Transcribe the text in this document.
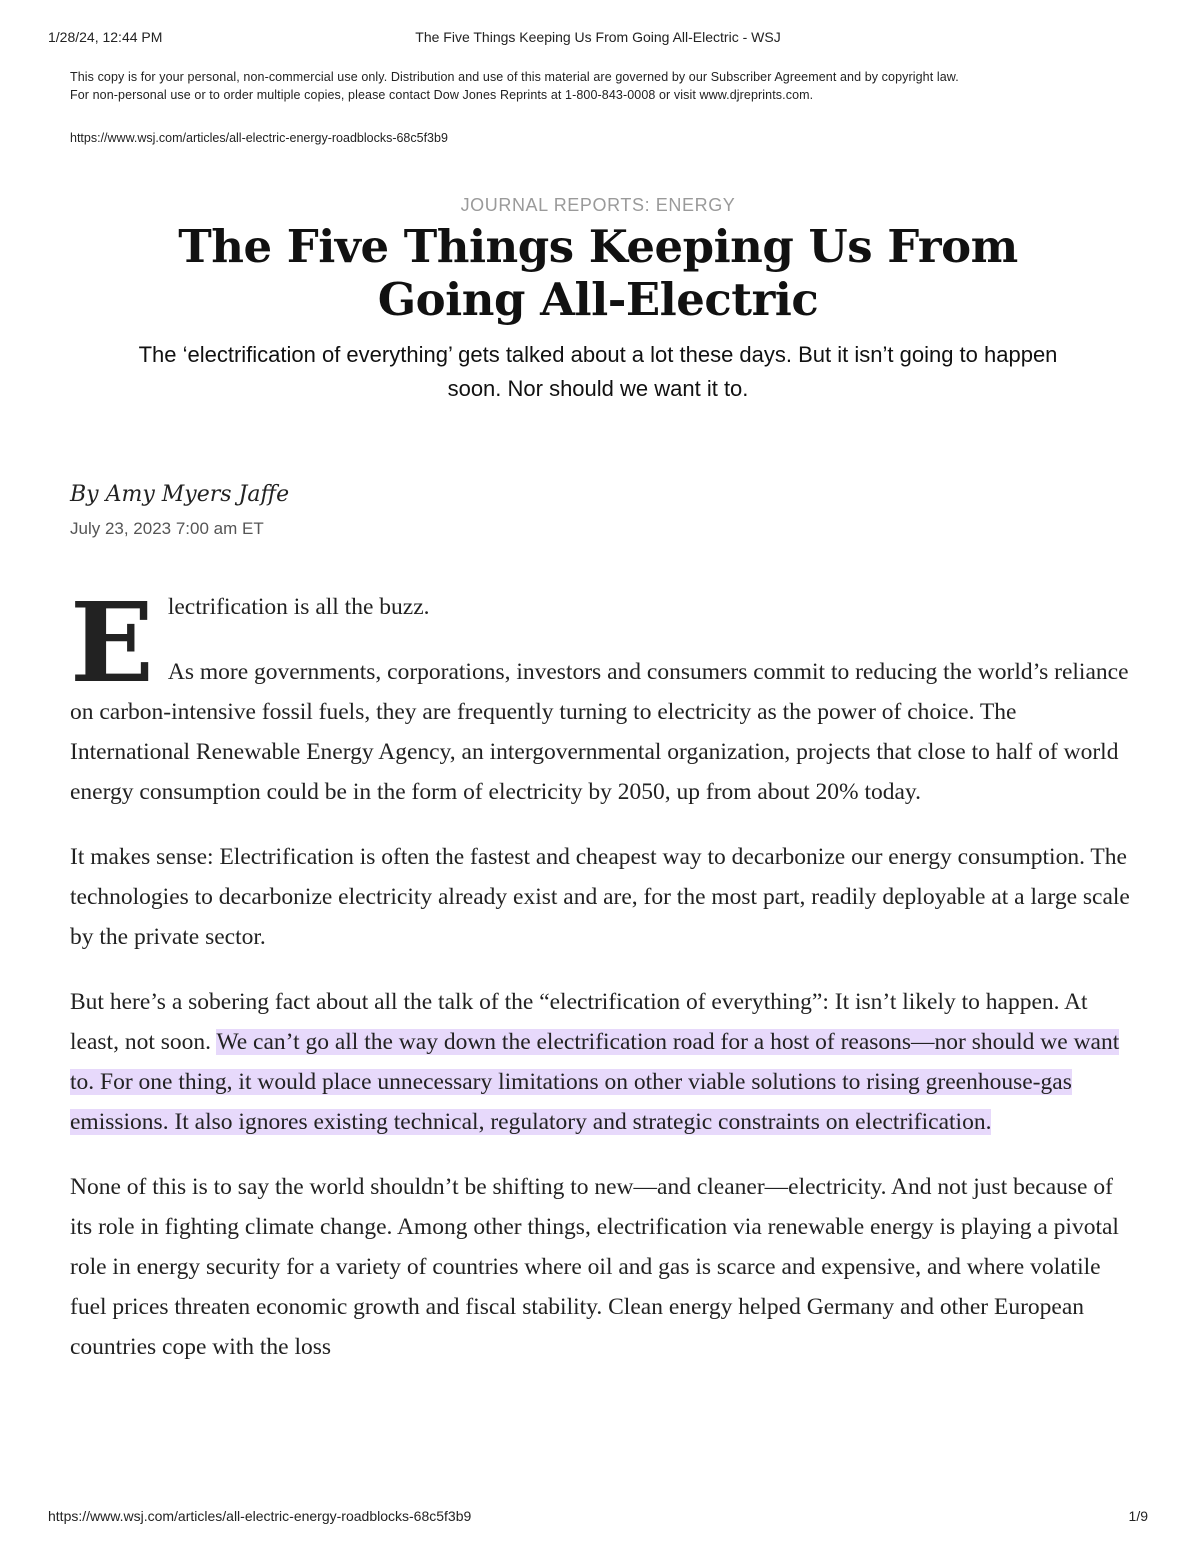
The Five Things Keeping Us From Going All-Electric - WSJ
1/28/24, 12:44 PM

This copy is for your personal, non-commercial use only. Distribution and use of this material are governed by our Subscriber Agreement and by copyright law.

For non-personal use or to order multiple copies, please contact Dow Jones Reprints at 1-800-843-0008 or visit www.djreprints.com.

https://www.wsj.com/articles/all-electric-energy-roadblocks-68c5f3b9
JOURNAL REPORTS: ENERGY
The Five Things Keeping Us From Going All-Electric

The ‘electrification of everything’ gets talked about a lot these days. But it isn’t going to happen soon. Nor should we want it to.

By Amy Myers Jaffe
July 23, 2023 7:00 am ET
E lectrification is all the buzz.

As more governments, corporations, investors and consumers commit to reducing the world’s reliance on carbon-intensive fossil fuels, they are frequently turning to electricity as the power of choice. The International Renewable Energy Agency, an intergovernmental organization, projects that close to half of world energy consumption could be in the form of electricity by 2050, up from about 20% today.

It makes sense: Electrification is often the fastest and cheapest way to decarbonize our energy consumption. The technologies to decarbonize electricity already exist and are, for the most part, readily deployable at a large scale by the private sector.

But here’s a sobering fact about all the talk of the “electrification of everything”: It isn’t likely to happen. At least, not soon. We can’t go all the way down the electrification road for a host of reasons—nor should we want to. For one thing, it would place unnecessary limitations on other viable solutions to rising greenhouse-gas emissions. It also ignores existing technical, regulatory and strategic constraints on electrification.

None of this is to say the world shouldn’t be shifting to new—and cleaner—electricity. And not just because of its role in fighting climate change. Among other things, electrification via renewable energy is playing a pivotal role in energy security for a variety of countries where oil and gas is scarce and expensive, and where volatile fuel prices threaten economic growth and fiscal stability. Clean energy helped Germany and other European countries cope with the loss

https://www.wsj.com/articles/all-electric-energy-roadblocks-68c5f3b9	1/9
